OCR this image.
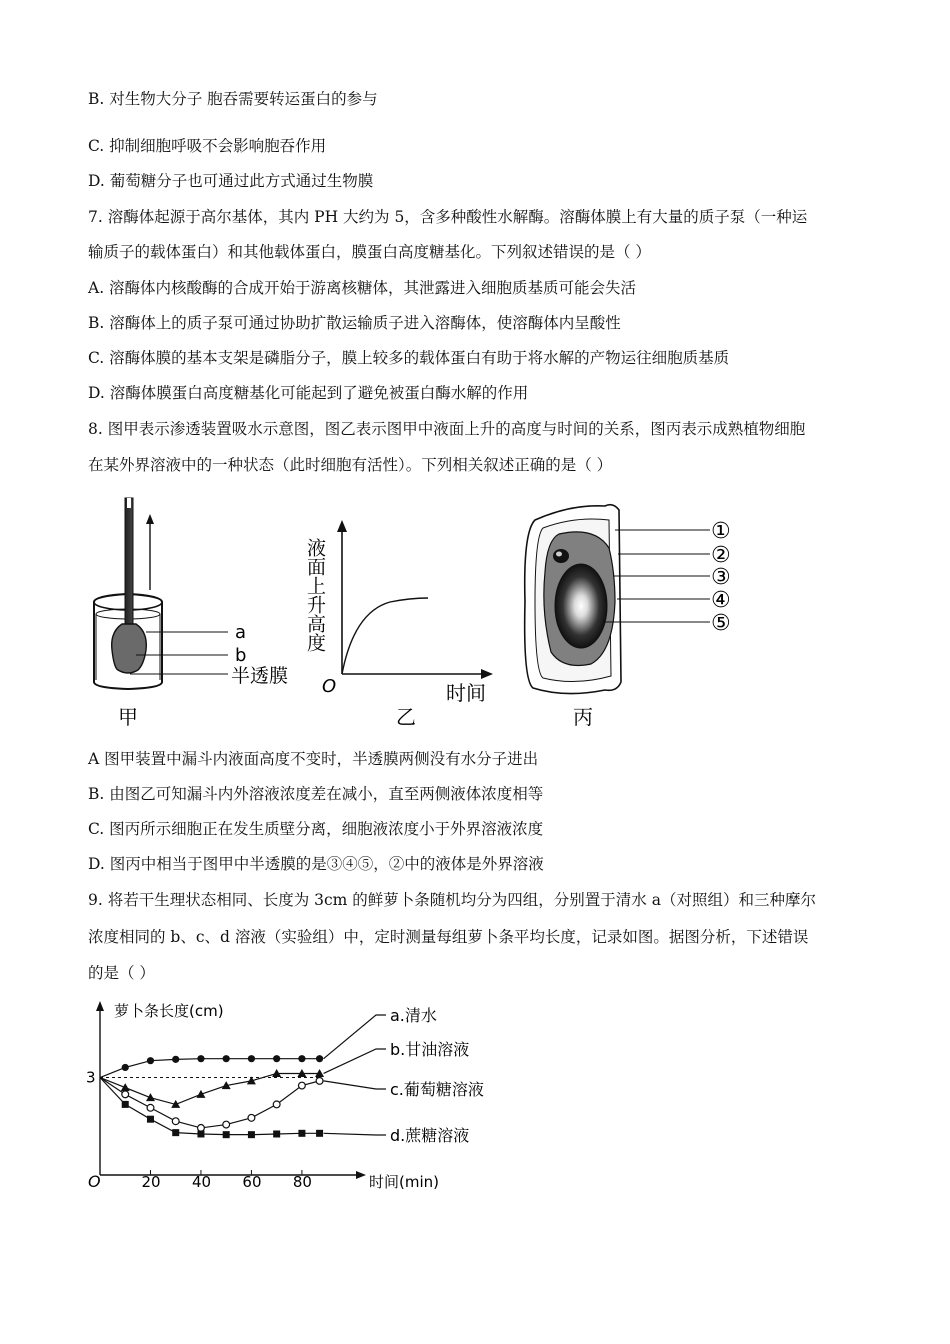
B. 对生物大分子 胞吞需要转运蛋白的参与
C. 抑制细胞呼吸不会影响胞吞作用
D. 葡萄糖分子也可通过此方式通过生物膜
7. 溶酶体起源于高尔基体，其内 PH 大约为 5，含多种酸性水解酶。溶酶体膜上有大量的质子泵（一种运
输质子的载体蛋白）和其他载体蛋白，膜蛋白高度糖基化。下列叙述错误的是（ ）
A. 溶酶体内核酸酶的合成开始于游离核糖体，其泄露进入细胞质基质可能会失活
B. 溶酶体上的质子泵可通过协助扩散运输质子进入溶酶体，使溶酶体内呈酸性
C. 溶酶体膜的基本支架是磷脂分子，膜上较多的载体蛋白有助于将水解的产物运往细胞质基质
D. 溶酶体膜蛋白高度糖基化可能起到了避免被蛋白酶水解的作用
8. 图甲表示渗透装置吸水示意图，图乙表示图甲中液面上升的高度与时间的关系，图丙表示成熟植物细胞
在某外界溶液中的一种状态（此时细胞有活性）。下列相关叙述正确的是（ ）
a
b
半透膜
甲
液面上升高度
O	时间
乙
①
②
③
④
⑤
丙
A 图甲装置中漏斗内液面高度不变时，半透膜两侧没有水分子进出
B. 由图乙可知漏斗内外溶液浓度差在减小，直至两侧液体浓度相等
C. 图丙所示细胞正在发生质壁分离，细胞液浓度小于外界溶液浓度
D. 图丙中相当于图甲中半透膜的是③④⑤，②中的液体是外界溶液
9. 将若干生理状态相同、长度为 3cm 的鲜萝卜条随机均分为四组，分别置于清水 a（对照组）和三种摩尔
浓度相同的 b、c、d 溶液（实验组）中，定时测量每组萝卜条平均长度，记录如图。据图分析，下述错误
的是（ ）
萝卜条长度(cm)
时间(min)
O	20 40 60 80
3
a.清水
b.甘油溶液
c.葡萄糖溶液
d.蔗糖溶液
